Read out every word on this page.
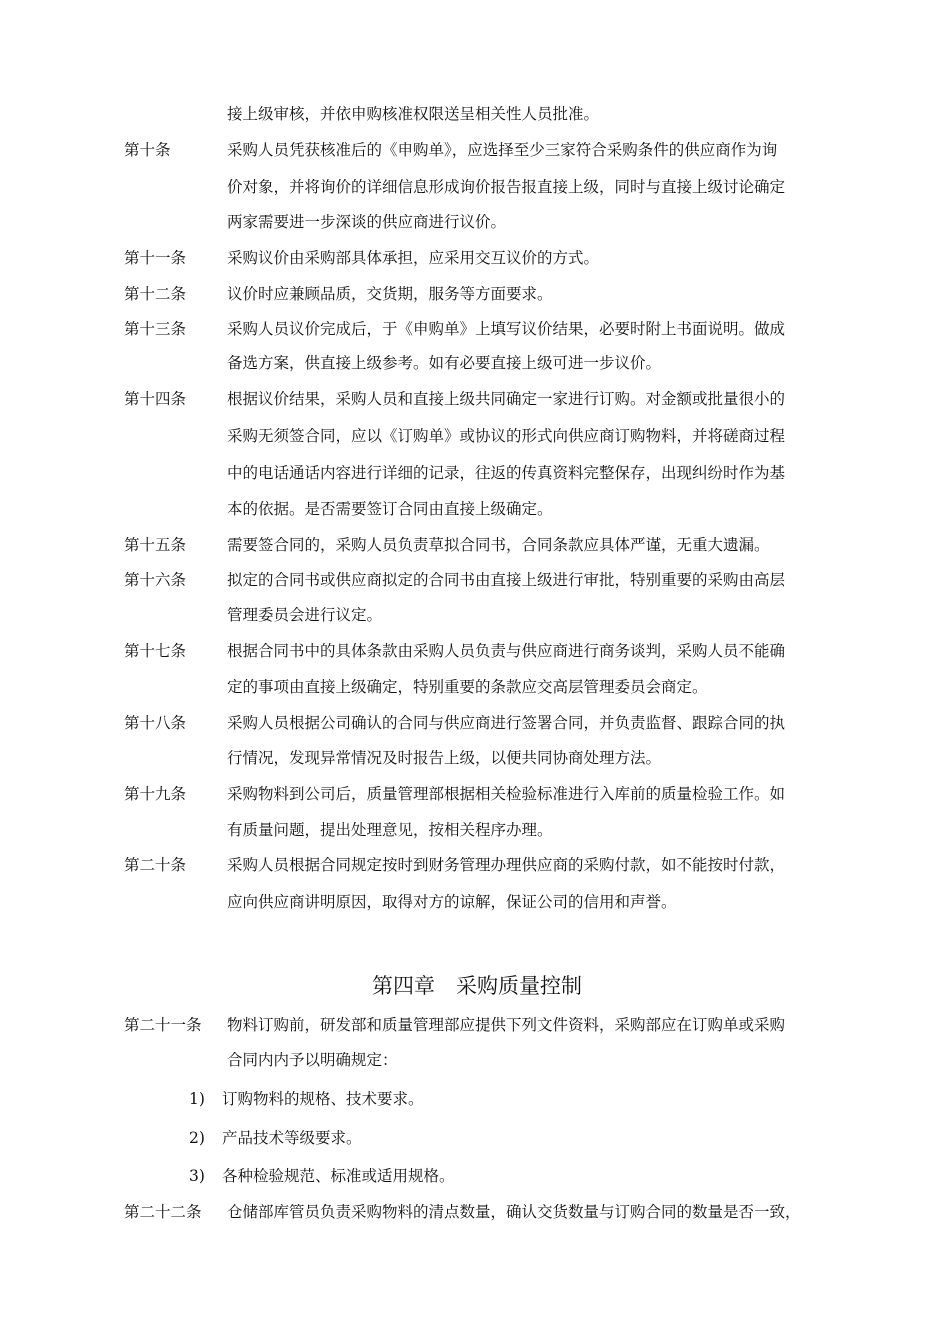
接上级审核，并依申购核准权限送呈相关性人员批准。
第十条	采购人员凭获核准后的《申购单》，应选择至少三家符合采购条件的供应商作为询
价对象，并将询价的详细信息形成询价报告报直接上级，同时与直接上级讨论确定
两家需要进一步深谈的供应商进行议价。
第十一条	采购议价由采购部具体承担，应采用交互议价的方式。
第十二条	议价时应兼顾品质，交货期，服务等方面要求。
第十三条	采购人员议价完成后，于《申购单》上填写议价结果，必要时附上书面说明。做成
备选方案，供直接上级参考。如有必要直接上级可进一步议价。
第十四条	根据议价结果，采购人员和直接上级共同确定一家进行订购。对金额或批量很小的
采购无须签合同，应以《订购单》或协议的形式向供应商订购物料，并将磋商过程
中的电话通话内容进行详细的记录，往返的传真资料完整保存，出现纠纷时作为基
本的依据。是否需要签订合同由直接上级确定。
第十五条	需要签合同的，采购人员负责草拟合同书，合同条款应具体严谨，无重大遗漏。
第十六条	拟定的合同书或供应商拟定的合同书由直接上级进行审批，特别重要的采购由高层
管理委员会进行议定。
第十七条	根据合同书中的具体条款由采购人员负责与供应商进行商务谈判，采购人员不能确
定的事项由直接上级确定，特别重要的条款应交高层管理委员会商定。
第十八条	采购人员根据公司确认的合同与供应商进行签署合同，并负责监督、跟踪合同的执
行情况，发现异常情况及时报告上级，以便共同协商处理方法。
第十九条	采购物料到公司后，质量管理部根据相关检验标准进行入库前的质量检验工作。如
有质量问题，提出处理意见，按相关程序办理。
第二十条	采购人员根据合同规定按时到财务管理办理供应商的采购付款，如不能按时付款，
应向供应商讲明原因，取得对方的谅解，保证公司的信用和声誉。
第四章　采购质量控制
第二十一条 物料订购前，研发部和质量管理部应提供下列文件资料，采购部应在订购单或采购
合同内内予以明确规定：
1) 订购物料的规格、技术要求。
2) 产品技术等级要求。
3) 各种检验规范、标准或适用规格。
第二十二条 仓储部库管员负责采购物料的清点数量，确认交货数量与订购合同的数量是否一致，
